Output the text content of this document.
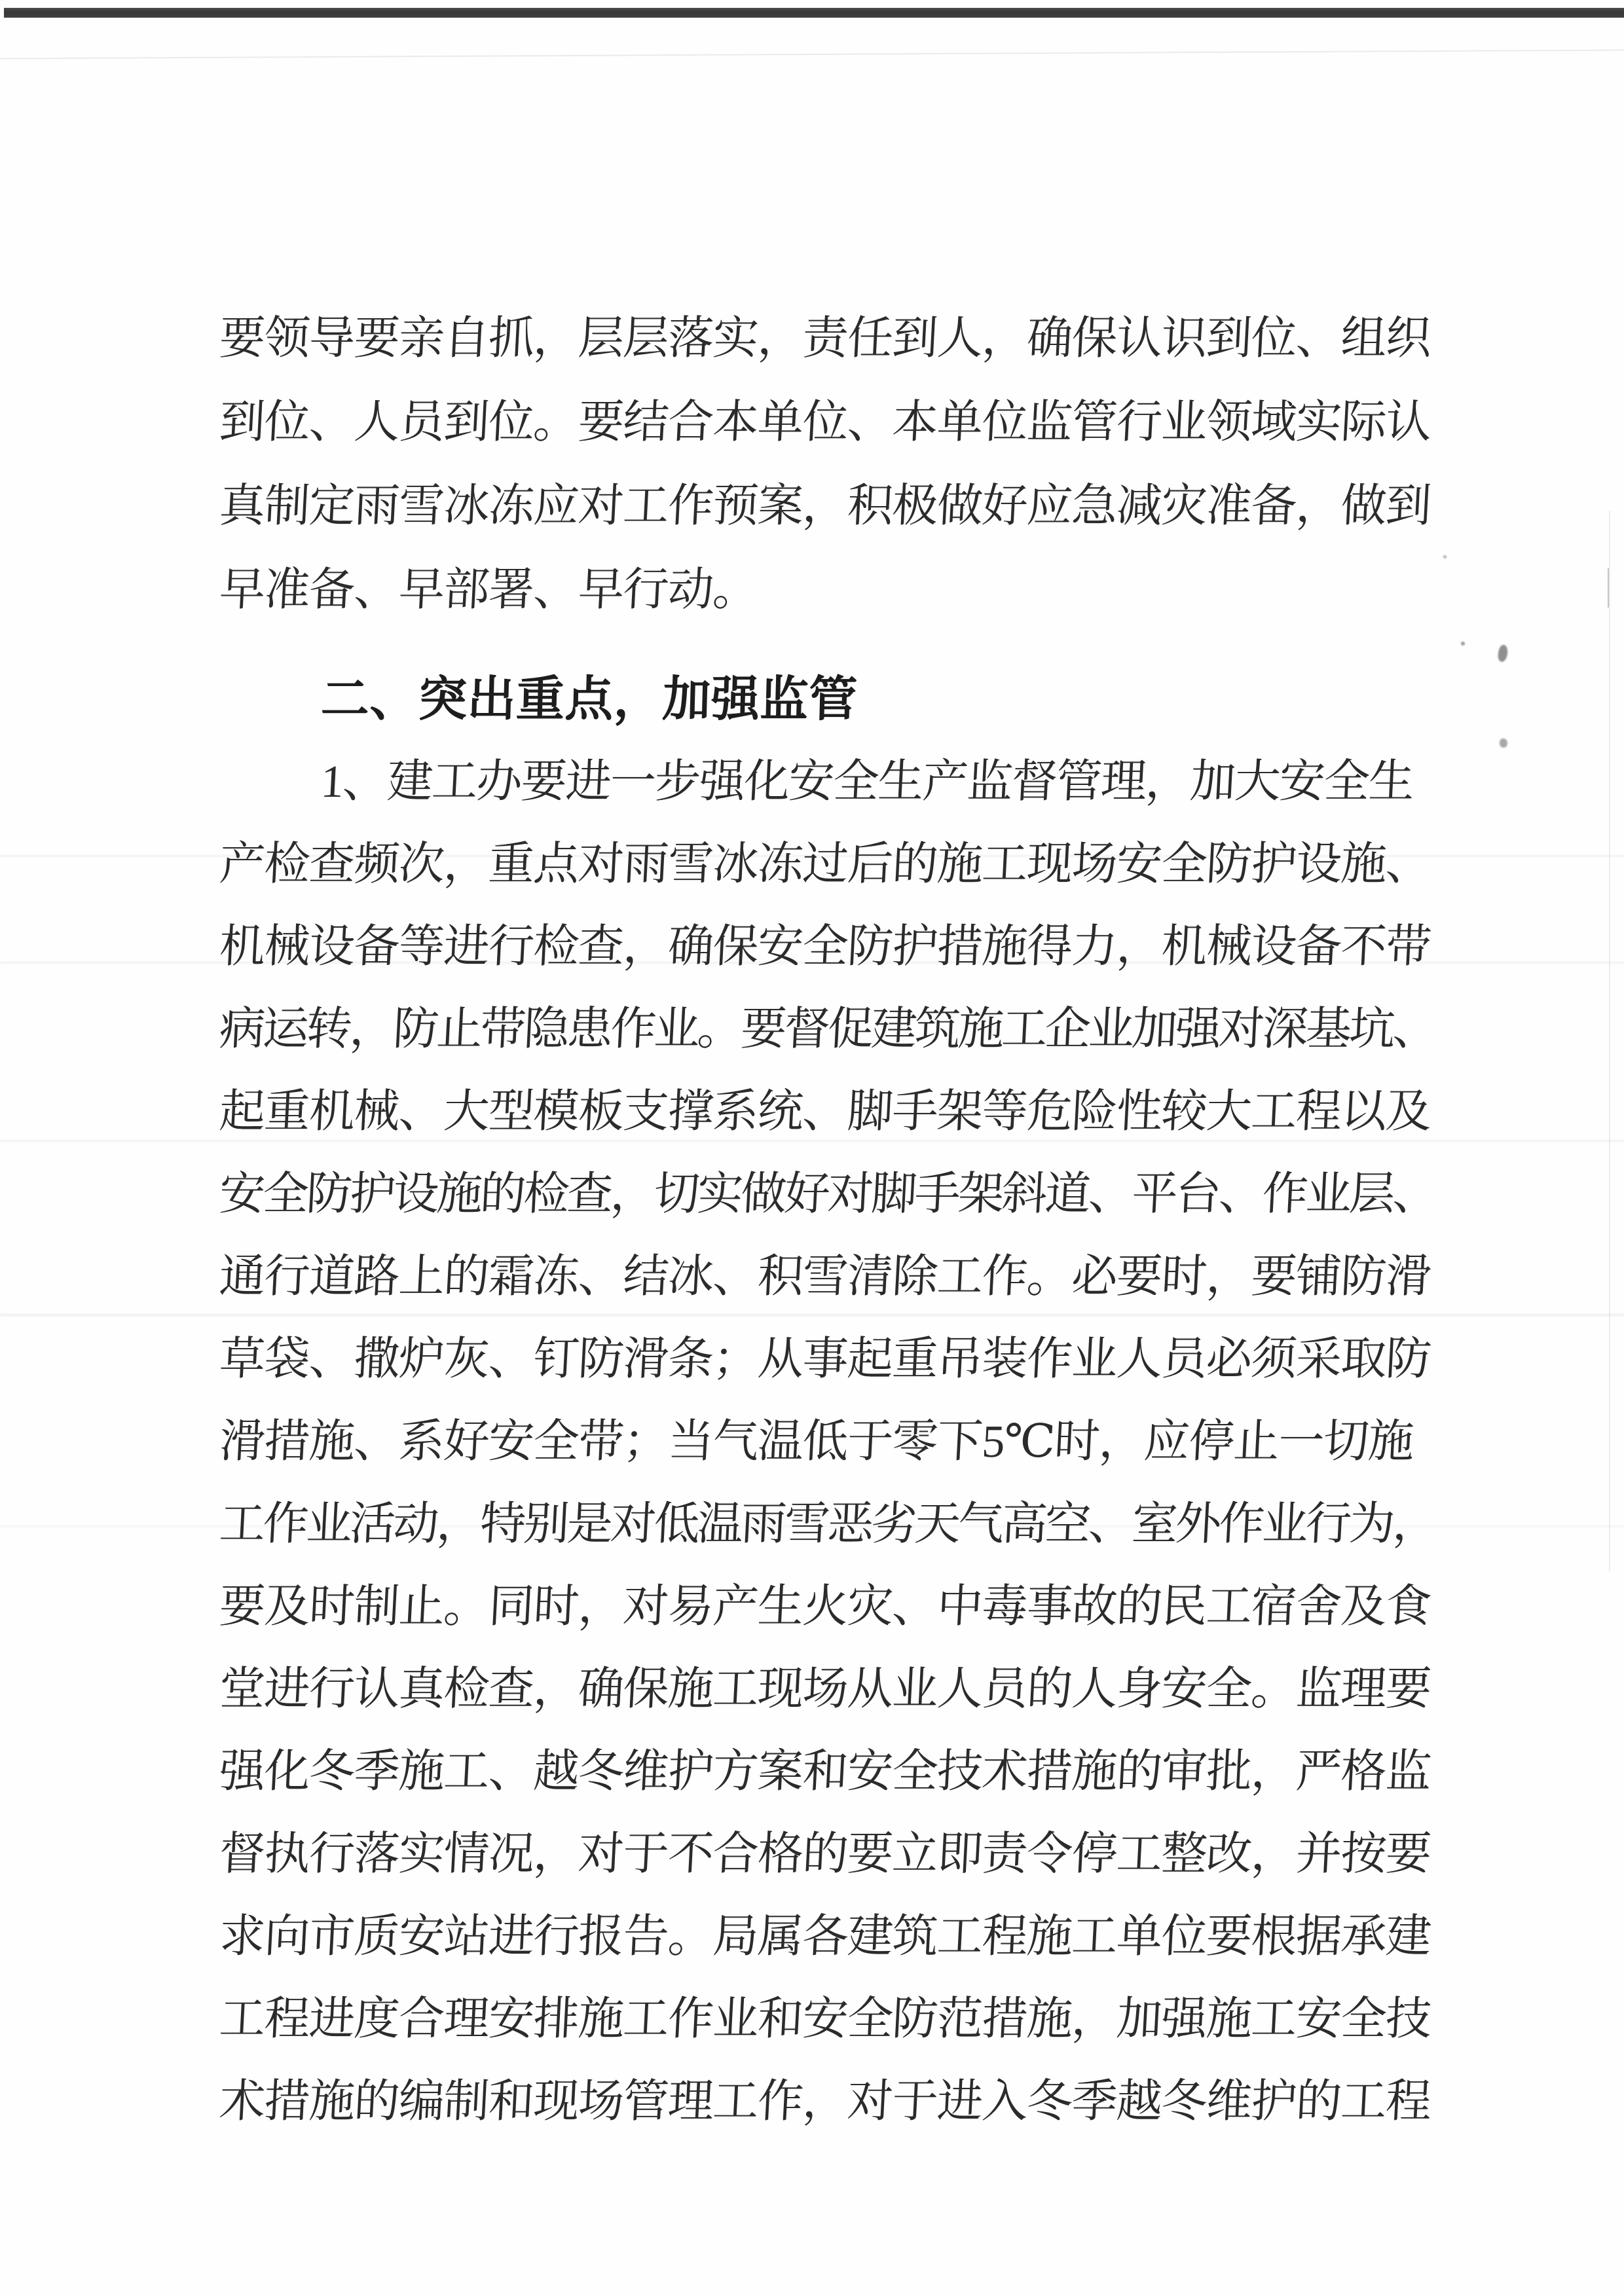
要领导要亲自抓，层层落实，责任到人，确保认识到位、组织
到位、人员到位。要结合本单位、本单位监管行业领域实际认
真制定雨雪冰冻应对工作预案，积极做好应急减灾准备，做到
早准备、早部署、早行动。
二、突出重点，加强监管
1、建工办要进一步强化安全生产监督管理，加大安全生
产检查频次，重点对雨雪冰冻过后的施工现场安全防护设施、
机械设备等进行检查，确保安全防护措施得力，机械设备不带
病运转，防止带隐患作业。要督促建筑施工企业加强对深基坑、
起重机械、大型模板支撑系统、脚手架等危险性较大工程以及
安全防护设施的检查，切实做好对脚手架斜道、平台、作业层、
通行道路上的霜冻、结冰、积雪清除工作。必要时，要铺防滑
草袋、撒炉灰、钉防滑条；从事起重吊装作业人员必须采取防
滑措施、系好安全带；当气温低于零下5℃时，应停止一切施
工作业活动，特别是对低温雨雪恶劣天气高空、室外作业行为，
要及时制止。同时，对易产生火灾、中毒事故的民工宿舍及食
堂进行认真检查，确保施工现场从业人员的人身安全。监理要
强化冬季施工、越冬维护方案和安全技术措施的审批，严格监
督执行落实情况，对于不合格的要立即责令停工整改，并按要
求向市质安站进行报告。局属各建筑工程施工单位要根据承建
工程进度合理安排施工作业和安全防范措施，加强施工安全技
术措施的编制和现场管理工作，对于进入冬季越冬维护的工程
